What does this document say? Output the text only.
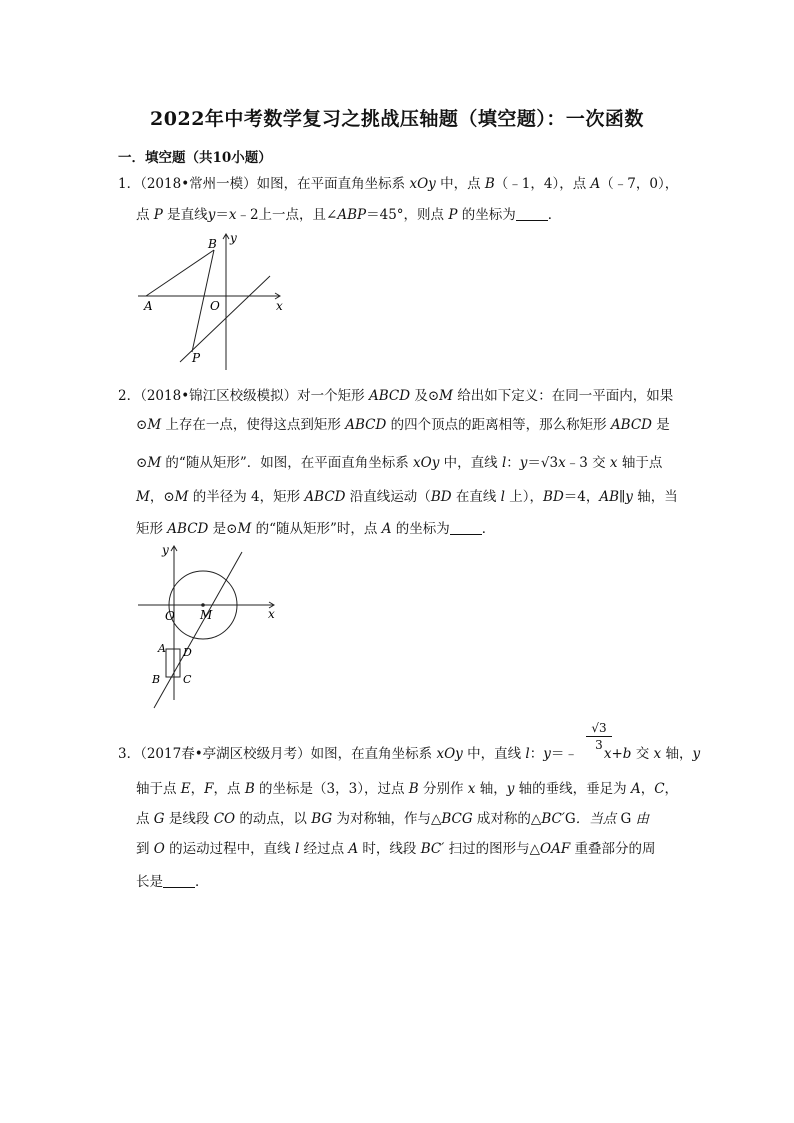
2022年中考数学复习之挑战压轴题（填空题）：一次函数
一．填空题（共10小题）
1．（2018•常州一模）如图，在平面直角坐标系 xOy 中，点 B（﹣1，4），点 A（﹣7，0），
点 P 是直线y＝x﹣2上一点，且∠ABP＝45°，则点 P 的坐标为 ．
A
B
O
P
x
y
2．（2018•锦江区校级模拟）对一个矩形 ABCD 及⊙M 给出如下定义：在同一平面内，如果
⊙M 上存在一点，使得这点到矩形 ABCD 的四个顶点的距离相等，那么称矩形 ABCD 是
⊙M 的“随从矩形”．如图，在平面直角坐标系 xOy 中，直线 l：y＝√3x﹣3 交 x 轴于点
M，⊙M 的半径为 4，矩形 ABCD 沿直线运动（BD 在直线 l 上），BD＝4，AB∥y 轴，当
矩形 ABCD 是⊙M 的“随从矩形”时，点 A 的坐标为 ．
O M
A D
B C
x
y
$\frac{√3}{3}$
3．（2017春•亭湖区校级月考）如图，在直角坐标系 xOy 中，直线 l：y＝﹣ x+b 交 x 轴，y
轴于点 E，F，点 B 的坐标是（3，3），过点 B 分别作 x 轴，y 轴的垂线，垂足为 A，C，
点 G 是线段 CO 的动点，以 BG 为对称轴，作与△BCG 成对称的△BC′G．当点 G 由
到 O 的运动过程中，直线 l 经过点 A 时，线段 BC′ 扫过的图形与△OAF 重叠部分的周
长是 ．
